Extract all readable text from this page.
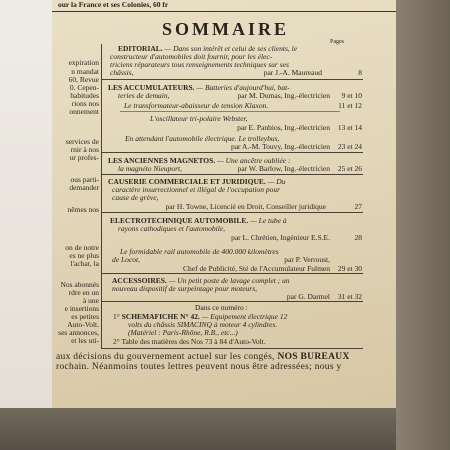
our la France et ses Colonies, 60 fr
SOMMAIRE
Pages
expiration
n mandat
60, Revue
0. Cepen-
habitudes
rions nos
onnement
services de
rnir à nos
ur profes-
ous parti-
demander
nêmes nos
on de notre
es ne plus
l'achat, la
Nos abonnés
rdre en un
à une
e insertions
es petites
Auto-Volt.
ses annonces,
et les uti-
EDITORIAL. — Dans son intérêt et celui de ses clients, le
constructeur d'automobiles doit fournir, pour les élec-
triciens réparateurs tous renseignements techniques sur ses
châssis,	par J.-A. Maureaud	8
LES ACCUMULATEURS. — Batteries d'aujourd'hui, bat-
teries de demain,	par M. Dumas, Ing.-électricien	9 et 10
Le transformateur-abaisseur de tension Klaxon.	11 et 12
L'oscillateur tri-polaire Webster,
par E. Panbios, Ing.-électricien	13 et 14
En attendant l'automobile électrique. Le trolleybus,
par A.-M. Touvy, Ing.-électricien	23 et 24
LES ANCIENNES MAGNETOS. — Une ancêtre oubliée :
la magnéto Nieuport,	par W. Barlow, Ing.-électricien	25 et 26
CAUSERIE COMMERCIALE ET JURIDIQUE. — Du
caractère insurrectionnel et illégal de l'occupation pour
cause de grève,
par H. Towne, Licencié en Droit, Conseiller juridique	27
ELECTROTECHNIQUE AUTOMOBILE. — Le tube à
rayons cathodiques et l'automobile,
par L. Chrétien, Ingénieur E.S.E.	28
Le formidable rail automobile de 400.000 kilomètres
de Locot,	par P. Verroust,
Chef de Publicité, Sté de l'Accumulateur Fulmen	29 et 30
ACCESSOIRES. — Un petit poste de lavage complet ; un
nouveau dispositif de surpeintage pour moteurs,
par G. Darmel	31 et 32
Dans ce numéro :
1° SCHEMAFICHE N° 42. — Equipement électrique 12
volts du châssis SIMACINQ à moteur 4 cylindres.
(Matériel : Paris-Rhône, R.B., etc...)
2° Table des matières des Nos 73 à 84 d'Auto-Volt.
aux décisions du gouvernement actuel sur les congés, NOS BUREAUX
rochain. Néanmoins toutes lettres peuvent nous être adressées; nous y
